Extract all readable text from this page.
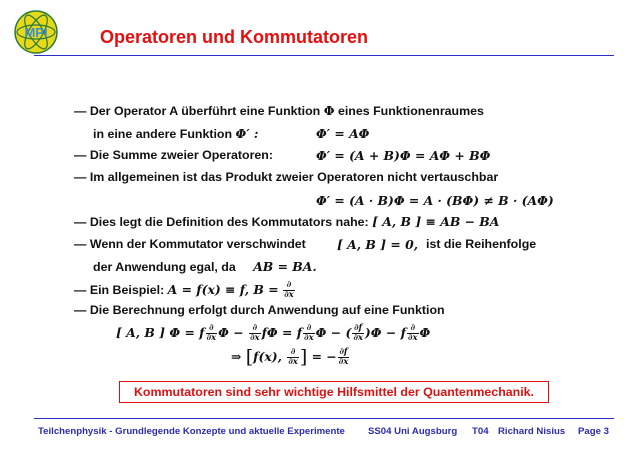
MPI	Operatoren und Kommutatoren
— Der Operator A überführt eine Funktion Φ eines Funktionenraumes
in eine andere Funktion Φ′ :	Φ′ = AΦ
— Die Summe zweier Operatoren:	Φ′ = (A + B)Φ = AΦ + BΦ
— Im allgemeinen ist das Produkt zweier Operatoren nicht vertauschbar
Φ′ = (A · B)Φ = A · (BΦ) ≠ B · (AΦ)
— Dies legt die Definition des Kommutators nahe: [ A, B ] ≡ AB − BA
— Wenn der Kommutator verschwindet	[ A, B ] = 0, ist die Reihenfolge
der Anwendung egal, da AB = BA.
— Ein Beispiel: A = f(x) ≡ f, $B = \frac{\partial}{\partial x}$
— Die Berechnung erfolgt durch Anwendung auf eine Funktion
[ A, B ] Φ = f $\frac{\partial}{\partial x}$ $\Phi - \frac{\partial}{\partial x}$ fΦ = f $\frac{\partial}{\partial x}$ Φ − ( $\frac{\partial f}{\partial x} )\Phi - f \frac{\partial}{\partial x}$ Φ
⇒ [f(x), $\frac{\partial}{\partial x}$ ] = − $\frac{\partial f}{\partial x}$
Kommutatoren sind sehr wichtige Hilfsmittel der Quantenmechanik.
Teilchenphysik - Grundlegende Konzepte und aktuelle Experimente SS04 Uni Augsburg T04 Richard Nisius Page 3
